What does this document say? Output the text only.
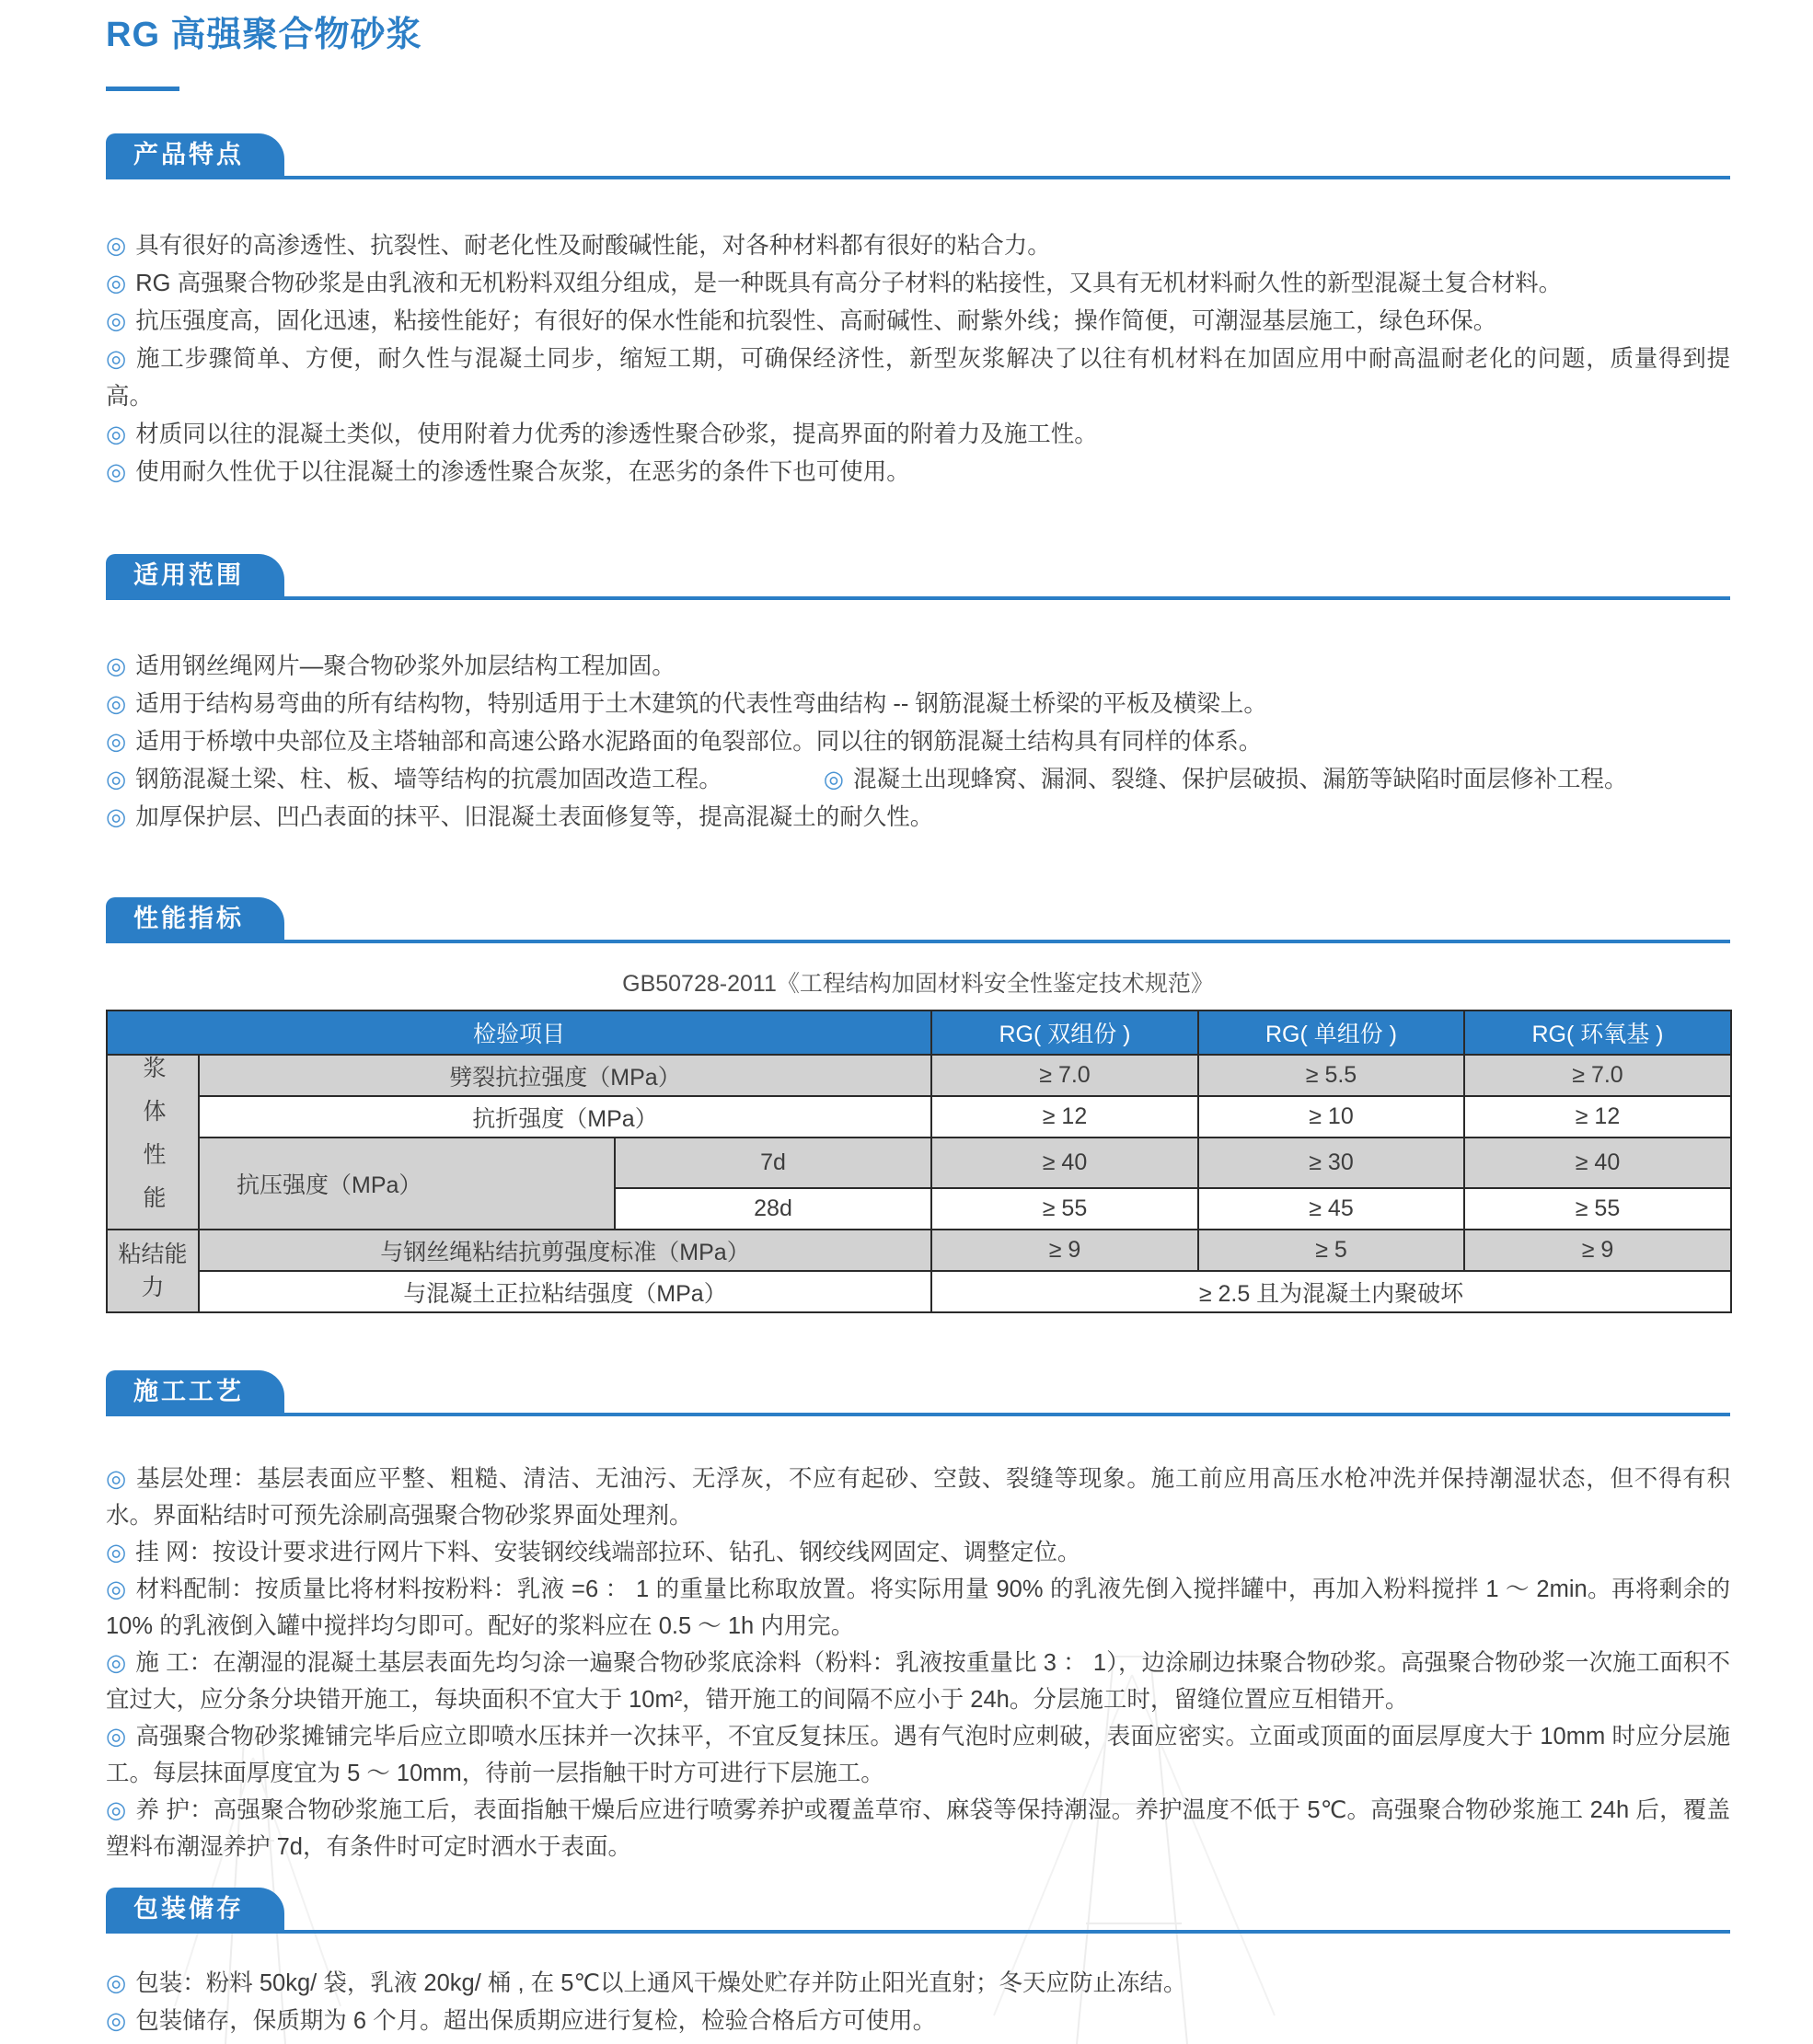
RG 高强聚合物砂浆
产品特点

◎ 具有很好的高渗透性、抗裂性、耐老化性及耐酸碱性能，对各种材料都有很好的粘合力。

◎ RG 高强聚合物砂浆是由乳液和无机粉料双组分组成，是一种既具有高分子材料的粘接性，又具有无机材料耐久性的新型混凝土复合材料。

◎ 抗压强度高，固化迅速，粘接性能好；有很好的保水性能和抗裂性、高耐碱性、耐紫外线；操作简便，可潮湿基层施工，绿色环保。

◎ 施工步骤简单、方便，耐久性与混凝土同步，缩短工期，可确保经济性，新型灰浆解决了以往有机材料在加固应用中耐高温耐老化的问题，质量得到提高。

◎ 材质同以往的混凝土类似，使用附着力优秀的渗透性聚合砂浆，提高界面的附着力及施工性。

◎ 使用耐久性优于以往混凝土的渗透性聚合灰浆，在恶劣的条件下也可使用。

适用范围

◎ 适用钢丝绳网片—聚合物砂浆外加层结构工程加固。

◎ 适用于结构易弯曲的所有结构物，特别适用于土木建筑的代表性弯曲结构 -- 钢筋混凝土桥梁的平板及横梁上。

◎ 适用于桥墩中央部位及主塔轴部和高速公路水泥路面的龟裂部位。同以往的钢筋混凝土结构具有同样的体系。

◎ 钢筋混凝土梁、柱、板、墙等结构的抗震加固改造工程。 ◎	混凝土出现蜂窝、漏洞、裂缝、保护层破损、漏筋等缺陷时面层修补工程。

◎ 加厚保护层、凹凸表面的抹平、旧混凝土表面修复等，提高混凝土的耐久性。

性能指标
GB50728-2011《工程结构加固材料安全性鉴定技术规范》
检验项目			RG( 双组份 )	RG( 单组份 )	RG( 环氧基 )
浆体性能	劈裂抗拉强度（MPa）		≥ 7.0	≥ 5.5	≥ 7.0
	抗折强度（MPa）		≥ 12	≥ 10	≥ 12
	抗压强度（MPa）	7d	≥ 40	≥ 30	≥ 40
		28d	≥ 55	≥ 45	≥ 55
粘结能力	与钢丝绳粘结抗剪强度标准（MPa）		≥ 9	≥ 5	≥ 9
	与混凝土正拉粘结强度（MPa）		≥ 2.5 且为混凝土内聚破坏		
施工工艺

◎ 基层处理：基层表面应平整、粗糙、清洁、无油污、无浮灰，不应有起砂、空鼓、裂缝等现象。施工前应用高压水枪冲洗并保持潮湿状态，但不得有积水。界面粘结时可预先涂刷高强聚合物砂浆界面处理剂。

◎ 挂 网：按设计要求进行网片下料、安装钢绞线端部拉环、钻孔、钢绞线网固定、调整定位。

◎ 材料配制：按质量比将材料按粉料：乳液 =6 ： 1 的重量比称取放置。将实际用量 90% 的乳液先倒入搅拌罐中，再加入粉料搅拌 1 ～ 2min。再将剩余的 10% 的乳液倒入罐中搅拌均匀即可。配好的浆料应在 0.5 ～ 1h 内用完。

◎ 施 工：在潮湿的混凝土基层表面先均匀涂一遍聚合物砂浆底涂料（粉料：乳液按重量比 3 ： 1），边涂刷边抹聚合物砂浆。高强聚合物砂浆一次施工面积不宜过大，应分条分块错开施工，每块面积不宜大于 10m²，错开施工的间隔不应小于 24h。分层施工时，留缝位置应互相错开。

◎ 高强聚合物砂浆摊铺完毕后应立即喷水压抹并一次抹平，不宜反复抹压。遇有气泡时应刺破，表面应密实。立面或顶面的面层厚度大于 10mm 时应分层施工。每层抹面厚度宜为 5 ～ 10mm，待前一层指触干时方可进行下层施工。

◎ 养 护：高强聚合物砂浆施工后，表面指触干燥后应进行喷雾养护或覆盖草帘、麻袋等保持潮湿。养护温度不低于 5℃。高强聚合物砂浆施工 24h 后，覆盖塑料布潮湿养护 7d，有条件时可定时洒水于表面。

包装储存

◎ 包装：粉料 50kg/ 袋，乳液 20kg/ 桶 , 在 5℃以上通风干燥处贮存并防止阳光直射；冬天应防止冻结。

◎ 包装储存，保质期为 6 个月。超出保质期应进行复检，检验合格后方可使用。
